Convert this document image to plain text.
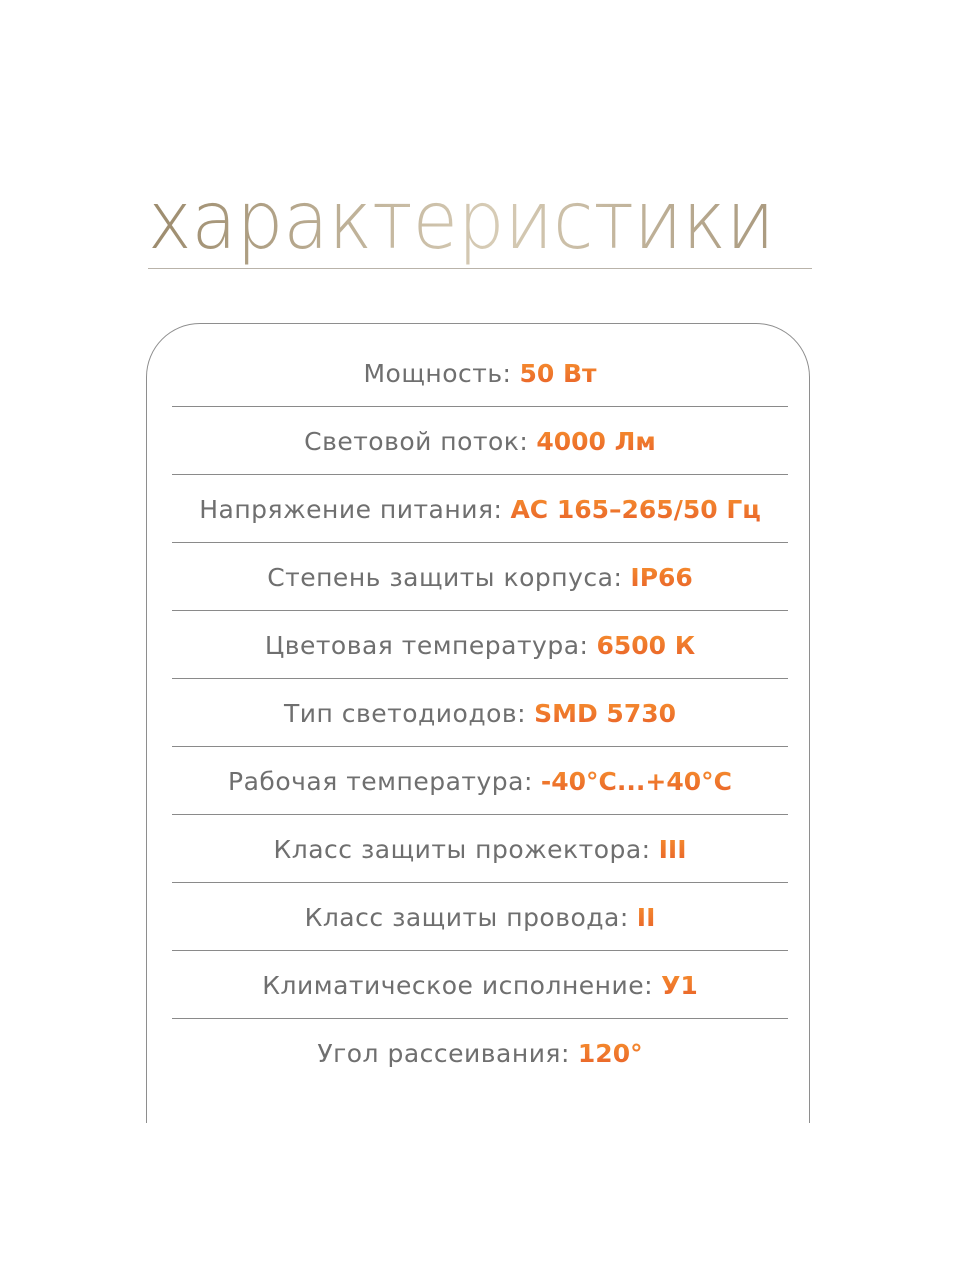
характеристики
Мощность: 50 Вт
Световой поток: 4000 Лм
Напряжение питания: AC 165–265/50 Гц
Степень защиты корпуса: IP66
Цветовая температура: 6500 К
Тип светодиодов: SMD 5730
Рабочая температура: -40°С...+40°С
Класс защиты прожектора: III
Класс защиты провода: II
Климатическое исполнение: У1
Угол рассеивания: 120°
